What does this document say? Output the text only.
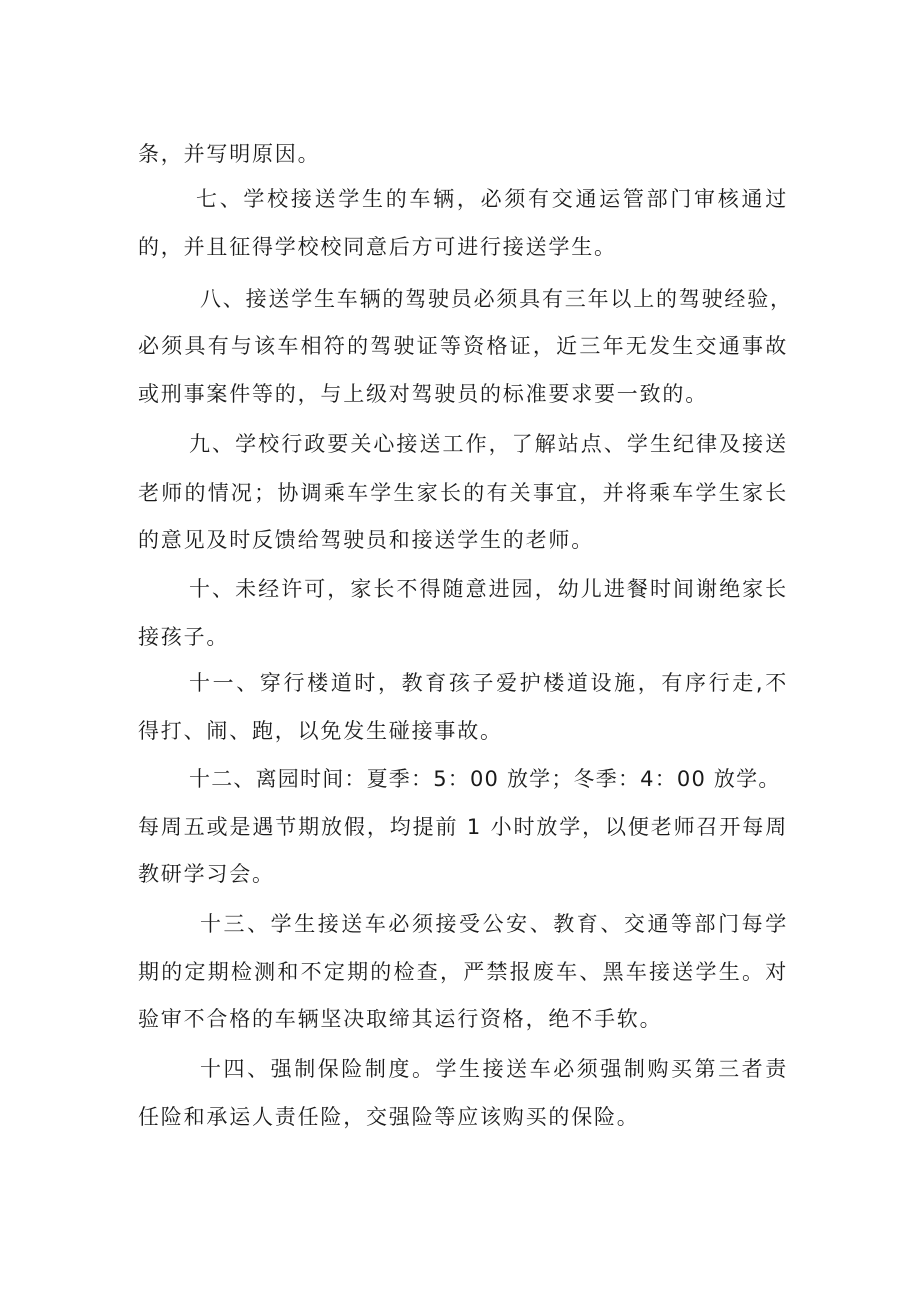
条，并写明原因。
七、学校接送学生的车辆，必须有交通运管部门审核通过
的，并且征得学校校同意后方可进行接送学生。
八、接送学生车辆的驾驶员必须具有三年以上的驾驶经验，
必须具有与该车相符的驾驶证等资格证，近三年无发生交通事故
或刑事案件等的，与上级对驾驶员的标准要求要一致的。
九、学校行政要关心接送工作，了解站点、学生纪律及接送
老师的情况；协调乘车学生家长的有关事宜，并将乘车学生家长
的意见及时反馈给驾驶员和接送学生的老师。
十、未经许可，家长不得随意进园，幼儿进餐时间谢绝家长
接孩子。
十一、穿行楼道时，教育孩子爱护楼道设施，有序行走,不
得打、闹、跑，以免发生碰接事故。
十二、离园时间：夏季：5：00 放学；冬季：4：00 放学。
每周五或是遇节期放假，均提前 1 小时放学，以便老师召开每周
教研学习会。
十三、学生接送车必须接受公安、教育、交通等部门每学
期的定期检测和不定期的检查，严禁报废车、黑车接送学生。对
验审不合格的车辆坚决取缔其运行资格，绝不手软。
十四、强制保险制度。学生接送车必须强制购买第三者责
任险和承运人责任险，交强险等应该购买的保险。
